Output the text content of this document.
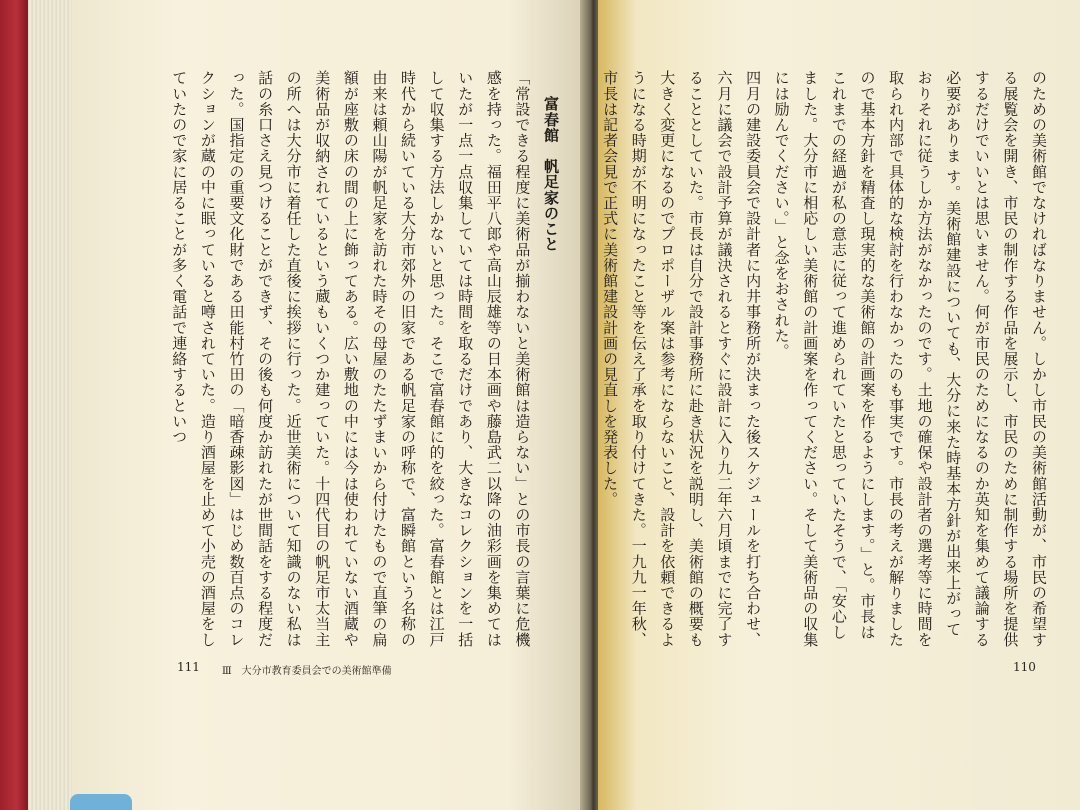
のための美術館でなければなりません。しかし市民の美術館活動が、市民の希望する展覧会を開き、市民の制作する作品を展示し、市民のために制作する場所を提供するだけでいいとは思いません。何が市民のためになるのか英知を集めて議論する必要がありま す。美術館建設についても、大分に来た時基本方針が出来上がっておりそれに従うしか方法がなかったのです。土地の確保や設計者の選考等に時間を取られ内部で具体的な検討を行わなかったのも事実です。市長の考えが解りましたので基本方針を精査し現実的な美術館の計画案を作るようにします。」と。市長はこれまでの経過が私の意志に従って進められていたと思っていたそうで、「安心しました。大分市に相応しい美術館の計画案を作ってください。そして美術品の収集には励んでください。」と念をおされた。

四月の建設委員会で設計者に内井事務所が決まった後スケジュールを打ち合わせ、六月に議会で設計予算が議決されるとすぐに設計に入り九二年六月頃までに完了することとしていた。市長は自分で設計事務所に赴き状況を説明し、美術館の概要も大きく変更になるのでプロポーザル案は参考にならないこと、設計を依頼できるようになる時期が不明になったこと等を伝え了承を取り付けてきた。一九九一年秋、市長は記者会見で正式に美術館建設計画の見直しを発表した。

富春館　帆足家のこと

「常設できる程度に美術品が揃わないと美術館は造らない」との市長の言葉に危機感を持った。福田平八郎や高山辰雄等の日本画や藤島武二以降の油彩画を集めてはいたが一点一点収集していては時間を取るだけであり、大きなコレクションを一括して収集する方法しかないと思った。そこで富春館に的を絞った。富春館とは江戸時代から続いている大分市郊外の旧家である帆足家の呼称で、富瞬館という名称の由来は頼山陽が帆足家を訪れた時その母屋のたたずまいから付けたもので直筆の扁額が座敷の床の間の上に飾ってある。広い敷地の中には今は使われていない酒蔵や美術品が収納されているという蔵もいくつか建っていた。十四代目の帆足市太当主の所へは大分市に着任した直後に挨拶に行った。近世美術について知識のない私は話の糸口さえ見つけることができず、その後も何度か訪れたが世間話をする程度だった。国指定の重要文化財である田能村竹田の「暗香疎影図」はじめ数百点のコレクションが蔵の中に眠っていると噂されていた。造り酒屋を止めて小売の酒屋をしていたので家に居ることが多く電話で連絡するといつ

111 Ⅲ　大分市教育委員会での美術館準備	110
